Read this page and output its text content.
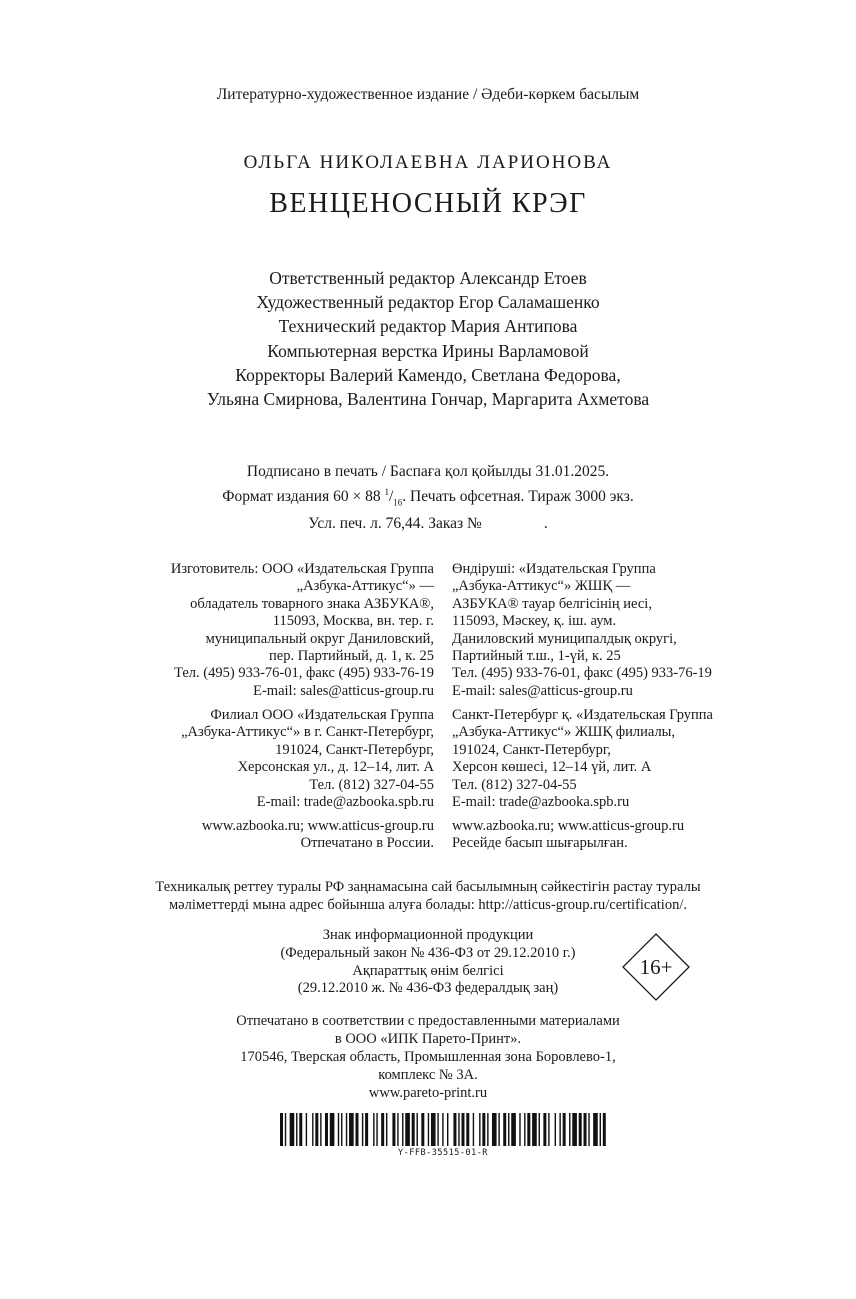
Литературно-художественное издание / Әдеби-көркем басылым
ОЛЬГА НИКОЛАЕВНА ЛАРИОНОВА
ВЕНЦЕНОСНЫЙ КРЭГ
Ответственный редактор Александр Етоев
Художественный редактор Егор Саламашенко
Технический редактор Мария Антипова
Компьютерная верстка Ирины Варламовой
Корректоры Валерий Камендо, Светлана Федорова,
Ульяна Смирнова, Валентина Гончар, Маргарита Ахметова
Подписано в печать / Баспаға қол қойылды 31.01.2025.
Формат издания 60 × 88 $^1/_{16}$. Печать офсетная. Тираж 3000 экз.
Усл. печ. л. 76,44. Заказ №                .
Изготовитель: ООО «Издательская Группа
„Азбука-Аттикус“» —
обладатель товарного знака АЗБУКА®,
115093, Москва, вн. тер. г.
муниципальный округ Даниловский,
пер. Партийный, д. 1, к. 25
Тел. (495) 933-76-01, факс (495) 933-76-19
E-mail: sales@atticus-group.ru
Өндіруші: «Издательская Группа
„Азбука-Аттикус“» ЖШҚ —
АЗБУКА® тауар белгісінің иесі,
115093, Мәскеу, қ. іш. аум.
Даниловский муниципалдық округі,
Партийный т.ш., 1-үй, к. 25
Тел. (495) 933-76-01, факс (495) 933-76-19
E-mail: sales@atticus-group.ru
Филиал ООО «Издательская Группа
„Азбука-Аттикус“» в г. Санкт-Петербург,
191024, Санкт-Петербург,
Херсонская ул., д. 12–14, лит. А
Тел. (812) 327-04-55
E-mail: trade@azbooka.spb.ru
Санкт-Петербург қ. «Издательская Группа
„Азбука-Аттикус“» ЖШҚ филиалы,
191024, Санкт-Петербург,
Херсон көшесі, 12–14 үй, лит. А
Тел. (812) 327-04-55
E-mail: trade@azbooka.spb.ru
www.azbooka.ru; www.atticus-group.ru
Отпечатано в России.
www.azbooka.ru; www.atticus-group.ru
Ресейде басып шығарылған.
Техникалық реттеу туралы РФ заңнамасына сай басылымның сәйкестігін растау туралы
мәліметтерді мына адрес бойынша алуға болады: http://atticus-group.ru/certification/.
Знак информационной продукции
(Федеральный закон № 436-ФЗ от 29.12.2010 г.)
Ақпараттық өнім белгісі
(29.12.2010 ж. № 436-ФЗ федералдық заң)
16+
Отпечатано в соответствии с предоставленными материалами
в ООО «ИПК Парето-Принт».
170546, Тверская область, Промышленная зона Боровлево-1,
комплекс № 3А.
www.pareto-print.ru
Y-FFB-35515-01-R
